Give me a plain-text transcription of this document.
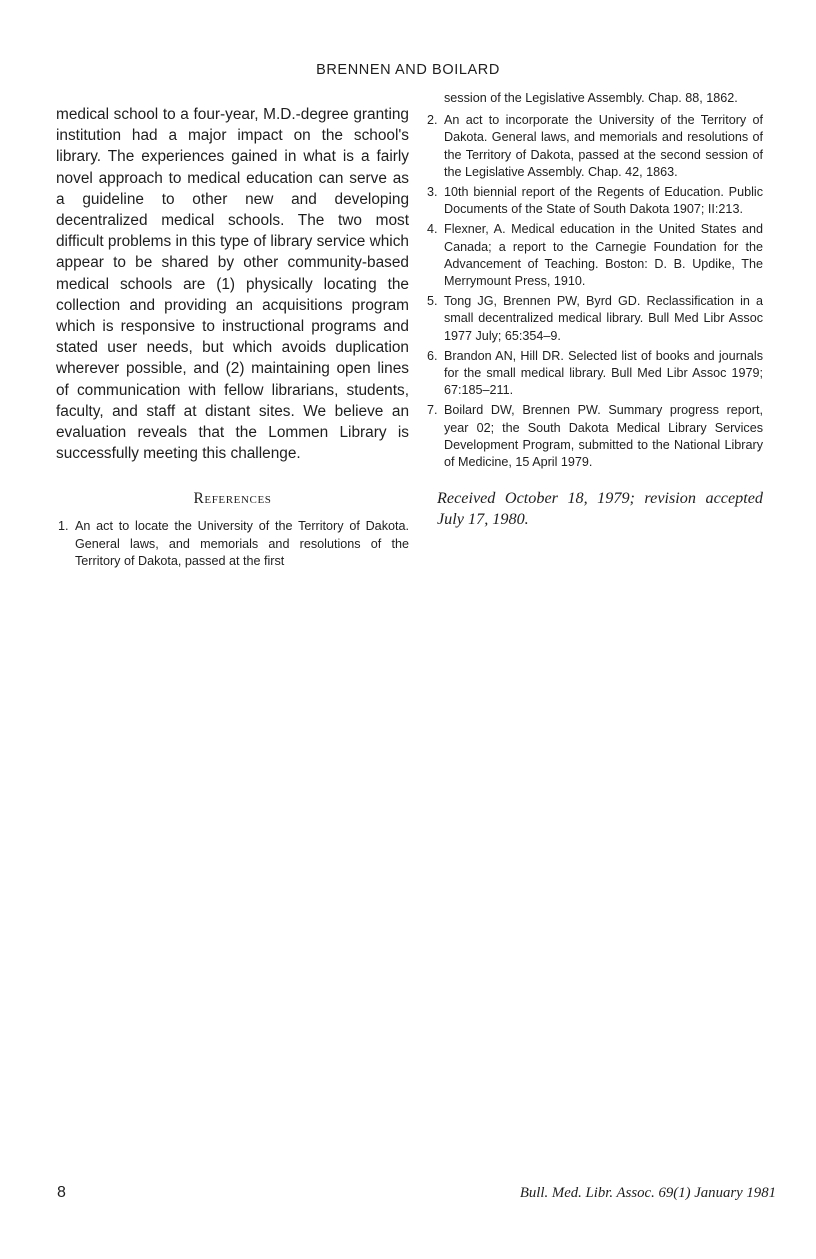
BRENNEN AND BOILARD

medical school to a four-year, M.D.-degree granting institution had a major impact on the school's library. The experiences gained in what is a fairly novel approach to medical education can serve as a guideline to other new and developing decentralized medical schools. The two most difficult problems in this type of library service which appear to be shared by other community-based medical schools are (1) physically locating the collection and providing an acquisitions program which is responsive to instructional programs and stated user needs, but which avoids duplication wherever possible, and (2) maintaining open lines of communication with fellow librarians, students, faculty, and staff at distant sites. We believe an evaluation reveals that the Lommen Library is successfully meeting this challenge.

References
1. An act to locate the University of the Territory of Dakota. General laws, and memorials and resolutions of the Territory of Dakota, passed at the first
session of the Legislative Assembly. Chap. 88, 1862.
2. An act to incorporate the University of the Territory of Dakota. General laws, and memorials and resolutions of the Territory of Dakota, passed at the second session of the Legislative Assembly. Chap. 42, 1863.
3. 10th biennial report of the Regents of Education. Public Documents of the State of South Dakota 1907; II:213.
4. Flexner, A. Medical education in the United States and Canada; a report to the Carnegie Foundation for the Advancement of Teaching. Boston: D. B. Updike, The Merrymount Press, 1910.
5. Tong JG, Brennen PW, Byrd GD. Reclassification in a small decentralized medical library. Bull Med Libr Assoc 1977 July; 65:354–9.
6. Brandon AN, Hill DR. Selected list of books and journals for the small medical library. Bull Med Libr Assoc 1979; 67:185–211.
7. Boilard DW, Brennen PW. Summary progress report, year 02; the South Dakota Medical Library Services Development Program, submitted to the National Library of Medicine, 15 April 1979.
Received October 18, 1979; revision accepted July 17, 1980.
8	Bull. Med. Libr. Assoc. 69(1) January 1981
